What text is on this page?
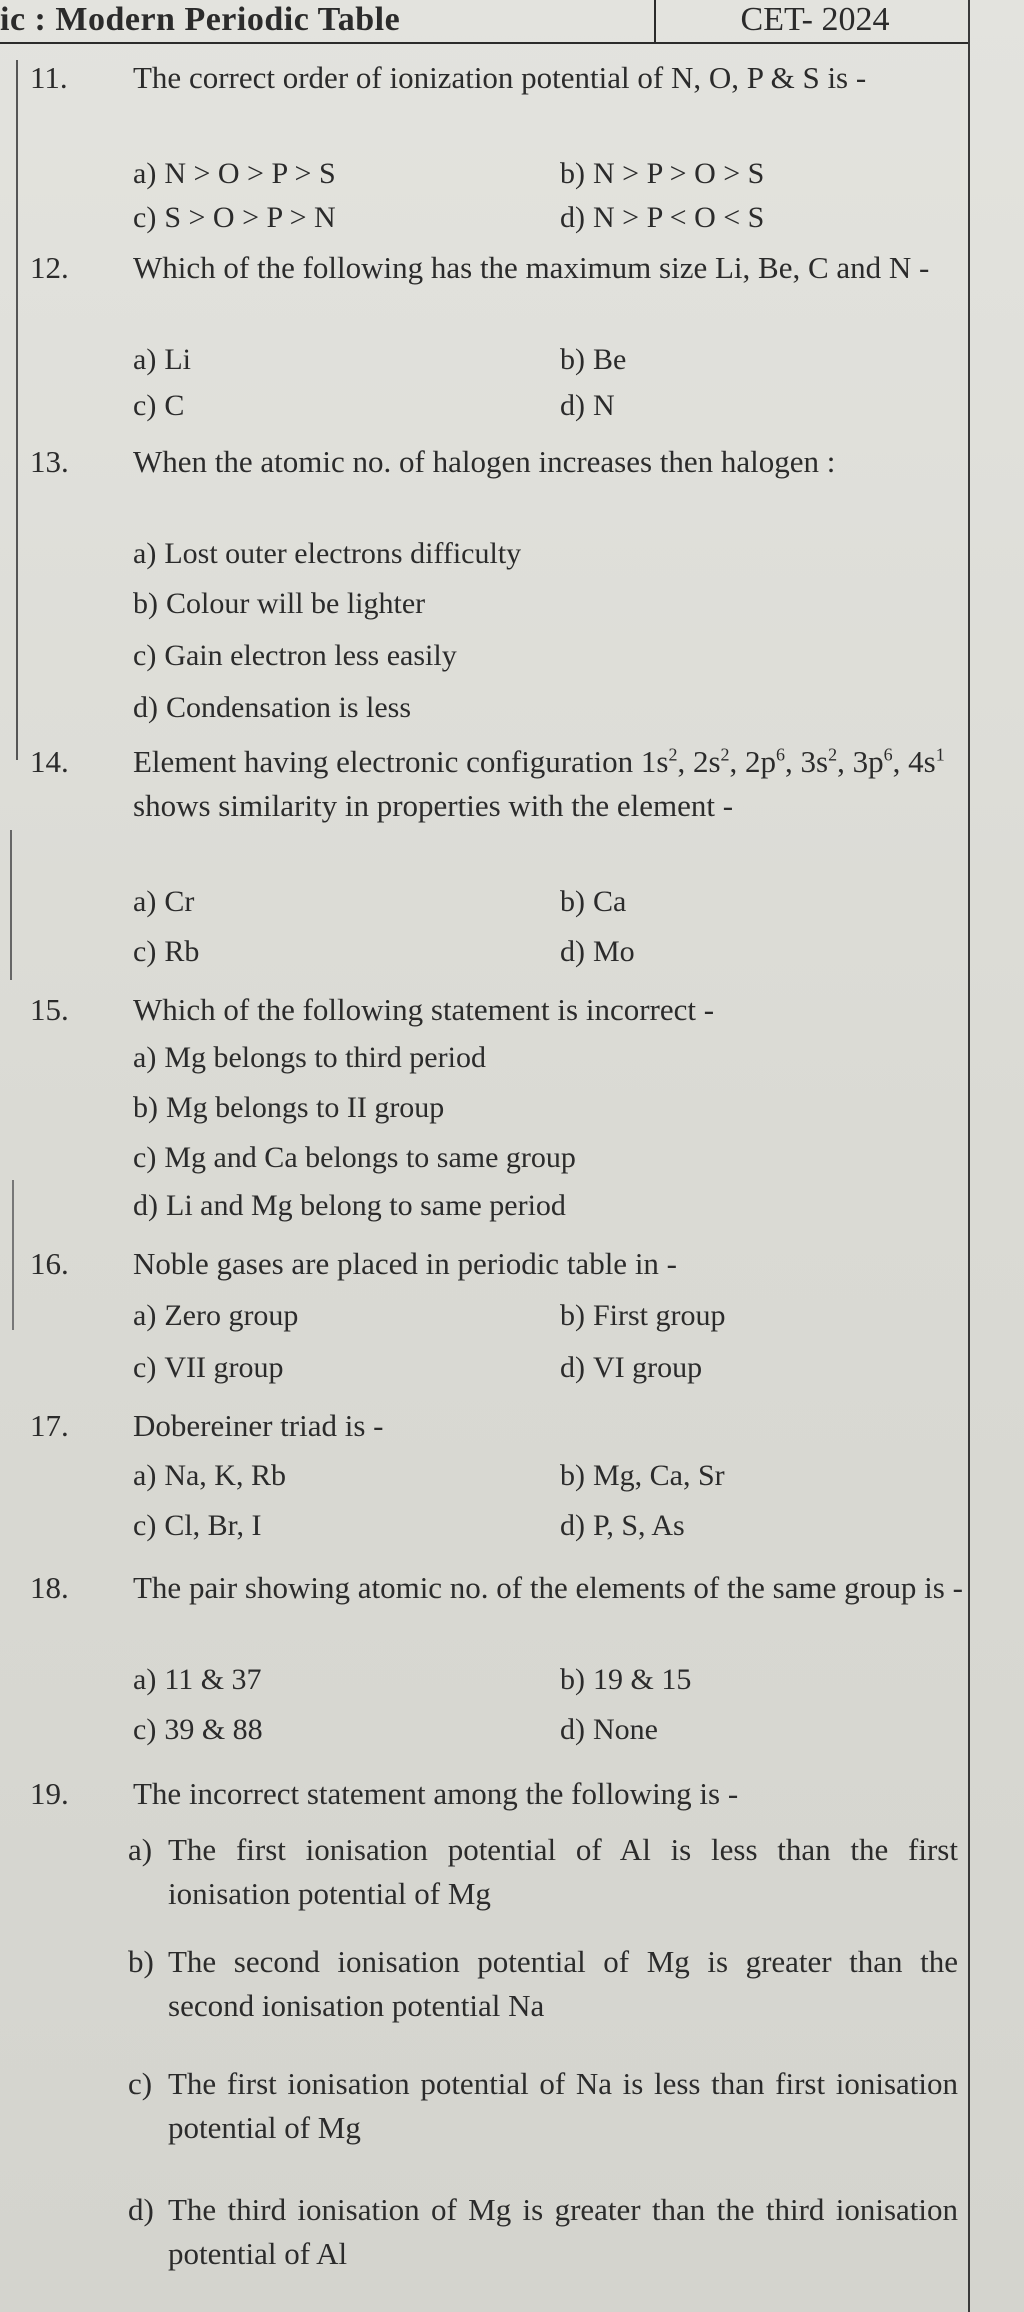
ic : Modern Periodic Table	CET- 2024
11. The correct order of ionization potential of N, O, P & S is -
a) N > O > P > S	b) N > P > O > S
c) S > O > P > N	d) N > P < O < S
12. Which of the following has the maximum size Li, Be, C and N -
a) Li	b) Be
c) C	d) N
13. When the atomic no. of halogen increases then halogen :
a) Lost outer electrons difficulty
b) Colour will be lighter
c) Gain electron less easily
d) Condensation is less
14. Element having electronic configuration $1s^2$, $2s^2$, $2p^6$, $3s^2$, $3p^6$, $4s^1$ shows similarity in properties with the element -
a) Cr	b) Ca
c) Rb	d) Mo
15. Which of the following statement is incorrect -
a) Mg belongs to third period
b) Mg belongs to II group
c) Mg and Ca belongs to same group
d) Li and Mg belong to same period
16. Noble gases are placed in periodic table in -
a) Zero group	b) First group
c) VII group	d) VI group
17. Dobereiner triad is -
a) Na, K, Rb	b) Mg, Ca, Sr
c) Cl, Br, I	d) P, S, As
18. The pair showing atomic no. of the elements of the same group is -
a) 11 & 37	b) 19 & 15
c) 39 & 88	d) None
19. The incorrect statement among the following is -
a) The first ionisation potential of Al is less than the first ionisation potential of Mg
b) The second ionisation potential of Mg is greater than the second ionisation potential Na
c) The first ionisation potential of Na is less than first ionisation potential of Mg
d) The third ionisation of Mg is greater than the third ionisation potential of Al
